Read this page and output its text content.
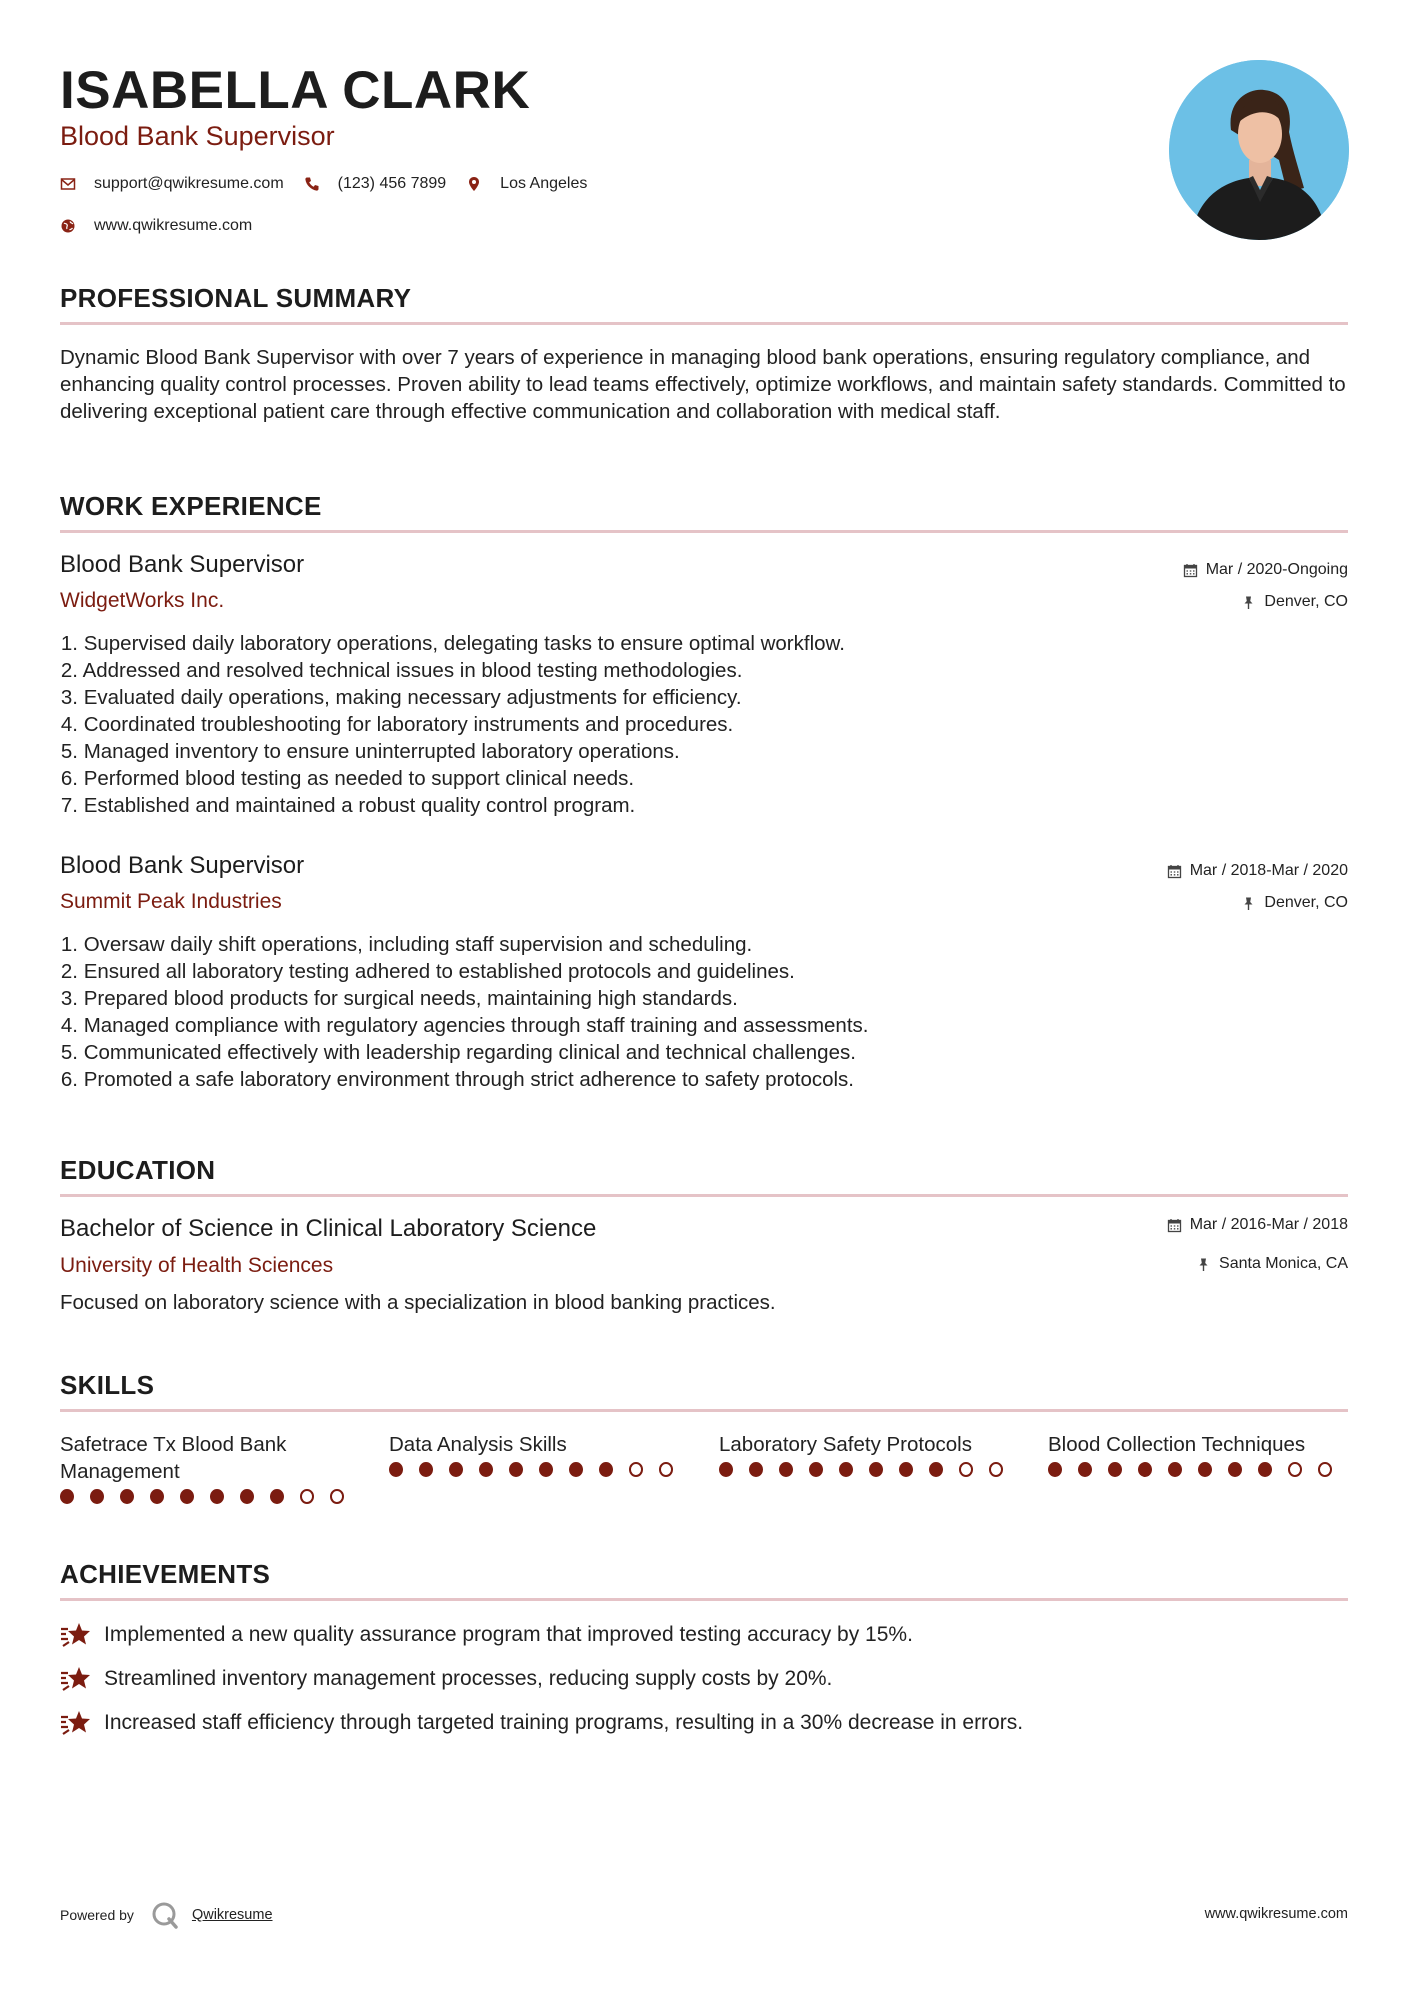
ISABELLA CLARK
Blood Bank Supervisor
support@qwikresume.com	(123) 456 7899	Los Angeles
www.qwikresume.com
PROFESSIONAL SUMMARY

Dynamic Blood Bank Supervisor with over 7 years of experience in managing blood bank operations, ensuring regulatory compliance, and enhancing quality control processes. Proven ability to lead teams effectively, optimize workflows, and maintain safety standards. Committed to delivering exceptional patient care through effective communication and collaboration with medical staff.

WORK EXPERIENCE
Blood Bank Supervisor
WidgetWorks Inc.
Mar / 2020-Ongoing
Denver, CO
1. Supervised daily laboratory operations, delegating tasks to ensure optimal workflow.
2. Addressed and resolved technical issues in blood testing methodologies.
3. Evaluated daily operations, making necessary adjustments for efficiency.
4. Coordinated troubleshooting for laboratory instruments and procedures.
5. Managed inventory to ensure uninterrupted laboratory operations.
6. Performed blood testing as needed to support clinical needs.
7. Established and maintained a robust quality control program.
Blood Bank Supervisor
Summit Peak Industries
Mar / 2018-Mar / 2020
Denver, CO
1. Oversaw daily shift operations, including staff supervision and scheduling.
2. Ensured all laboratory testing adhered to established protocols and guidelines.
3. Prepared blood products for surgical needs, maintaining high standards.
4. Managed compliance with regulatory agencies through staff training and assessments.
5. Communicated effectively with leadership regarding clinical and technical challenges.
6. Promoted a safe laboratory environment through strict adherence to safety protocols.
EDUCATION
Bachelor of Science in Clinical Laboratory Science
University of Health Sciences
Mar / 2016-Mar / 2018
Santa Monica, CA

Focused on laboratory science with a specialization in blood banking practices.

SKILLS
Safetrace Tx Blood Bank Management
Data Analysis Skills	Laboratory Safety Protocols	Blood Collection Techniques
ACHIEVEMENTS
Implemented a new quality assurance program that improved testing accuracy by 15%.
Streamlined inventory management processes, reducing supply costs by 20%.
Increased staff efficiency through targeted training programs, resulting in a 30% decrease in errors.
Powered by	Qwikresume	www.qwikresume.com
